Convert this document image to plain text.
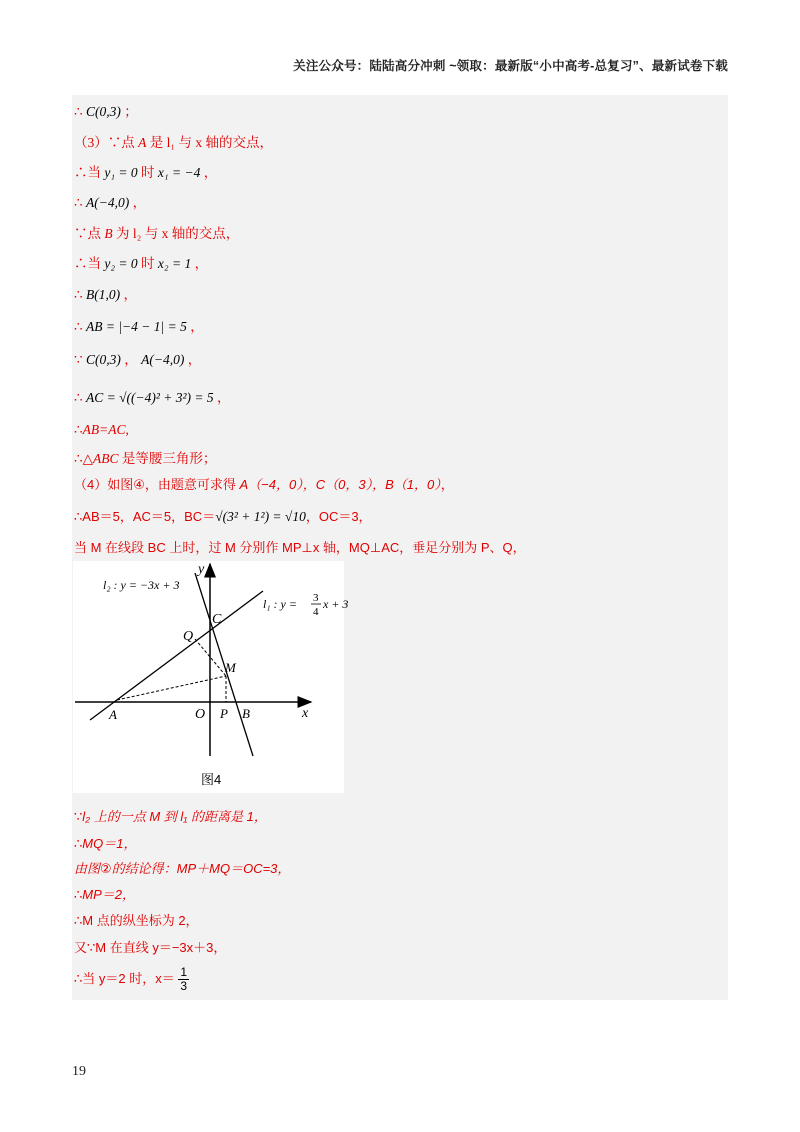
关注公众号：陆陆高分冲刺 ~领取：最新版“小中高考-总复习”、最新试卷下载
∴ C(0,3) ；
（3）∵点 A 是 l₁ 与 x 轴的交点，
∴当 y₁ = 0 时 x₁ = −4 ，
∴ A(−4,0) ，
∵点 B 为 l₂ 与 x 轴的交点，
∴当 y₂ = 0 时 x₂ = 1 ，
∴ B(1,0) ，
∴ AB = |−4 − 1| = 5 ，
∵ C(0,3) ， A(−4,0) ，
∴ AC = √((−4)² + 3²) = 5 ，
∴AB=AC,
∴△ABC 是等腰三角形；
（4）如图④，由题意可求得 A（−4，0），C（0，3），B（1，0），
∴AB＝5，AC＝5，BC＝√(3² + 1²) = √10，OC＝3，
当 M 在线段 BC 上时，过 M 分别作 MP⊥x 轴，MQ⊥AC，垂足分别为 P、Q，
l₂ : y = −3x + 3
l₁ : y = 3
4
x + 3
y
x
C
Q
M
A	O P B
图4
∵l₂ 上的一点 M 到 l₁ 的距离是 1，
∴MQ＝1，
由图②的结论得：MP＋MQ＝OC=3，
∴MP＝2，
∴M 点的纵坐标为 2，
又∵M 在直线 y＝−3x＋3，
∴当 y＝2 时，$x= \frac{1}{3}$
19
